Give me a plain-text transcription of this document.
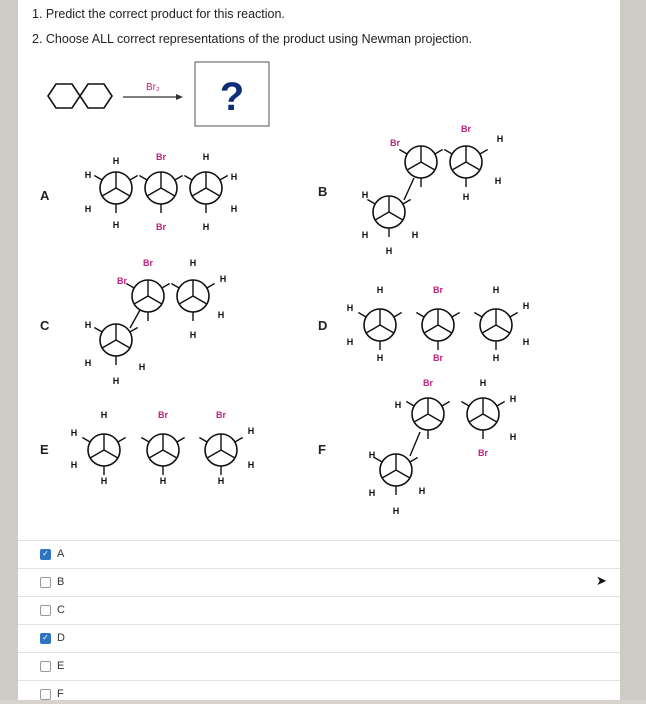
1. Predict the correct product for this reaction.
2. Choose ALL correct representations of the product using Newman projection.
Br₂ ?
A	B
C	D
E	F
H
H
H
H
Br
Br
H
H
H
H
H
H
H
H
Br
Br
H
H
H
H
H
H
H
Br
Br	H
H
H
H
H
H
H
H
Br
Br
H
H
H
H
H
H
H
H
Br
H
Br
H
H
H
H
H
H
H
H
Br	H
H
H
Br
✓ A
B
C
✓ D
E
F
➤
